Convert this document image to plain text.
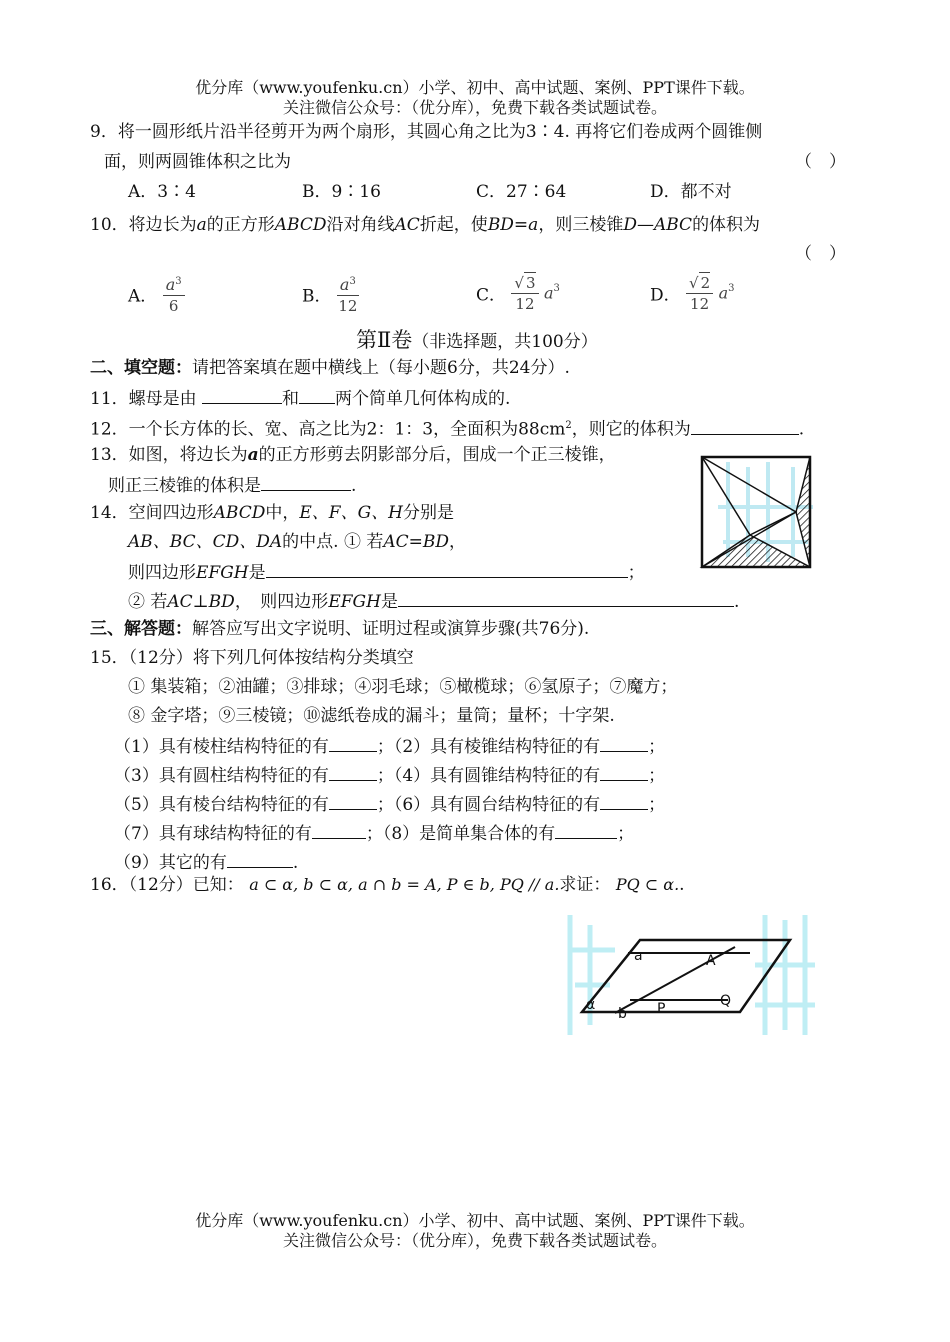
优分库（www.youfenku.cn）小学、初中、高中试题、案例、PPT课件下载。
关注微信公众号：（优分库），免费下载各类试题试卷。
9．将一圆形纸片沿半径剪开为两个扇形，其圆心角之比为3∶4. 再将它们卷成两个圆锥侧
面，则两圆锥体积之比为	（　）
A．3∶4	B．9∶16	C．27∶64	D．都不对
10．将边长为a的正方形ABCD沿对角线AC折起，使BD=a，则三棱锥D—ABC的体积为
（　）
A． $\frac{a^3}{6}$	B． $\frac{a^3}{12}$	C． $\frac{√ 3}{12} a^3$	D． $\frac{√ 2}{12} a^3$
第Ⅱ卷（非选择题，共100分）
二、填空题：请把答案填在题中横线上（每小题6分，共24分）.
11．螺母是由	和 两个简单几何体构成的.
12．一个长方体的长、宽、高之比为2：1：3，全面积为$88cm^2$，则它的体积为	.
13．如图，将边长为a的正方形剪去阴影部分后，围成一个正三棱锥，
则正三棱锥的体积是	.
14．空间四边形ABCD中，E、F、G、H分别是
AB、BC、CD、DA的中点. ① 若AC=BD，
则四边形EFGH是	；
② 若AC⊥BD，　则四边形EFGH是	.
三、解答题：解答应写出文字说明、证明过程或演算步骤(共76分).
15．（12分）将下列几何体按结构分类填空
① 集装箱；②油罐；③排球；④羽毛球；⑤橄榄球；⑥氢原子；⑦魔方；
⑧ 金字塔；⑨三棱镜；⑩滤纸卷成的漏斗；量筒；量杯；十字架.
（1）具有棱柱结构特征的有	；（2）具有棱锥结构特征的有	；
（3）具有圆柱结构特征的有	；（4）具有圆锥结构特征的有	；
（5）具有棱台结构特征的有	；（6）具有圆台结构特征的有	；
（7）具有球结构特征的有	；（8）是简单集合体的有	；
（9）其它的有	.
16．（12分）已知： a ⊂ α, b ⊂ α, a ∩ b = A, P ∈ b, PQ // a.求证： PQ ⊂ α..
a	A
b P	Q
α
优分库（www.youfenku.cn）小学、初中、高中试题、案例、PPT课件下载。
关注微信公众号：（优分库），免费下载各类试题试卷。
